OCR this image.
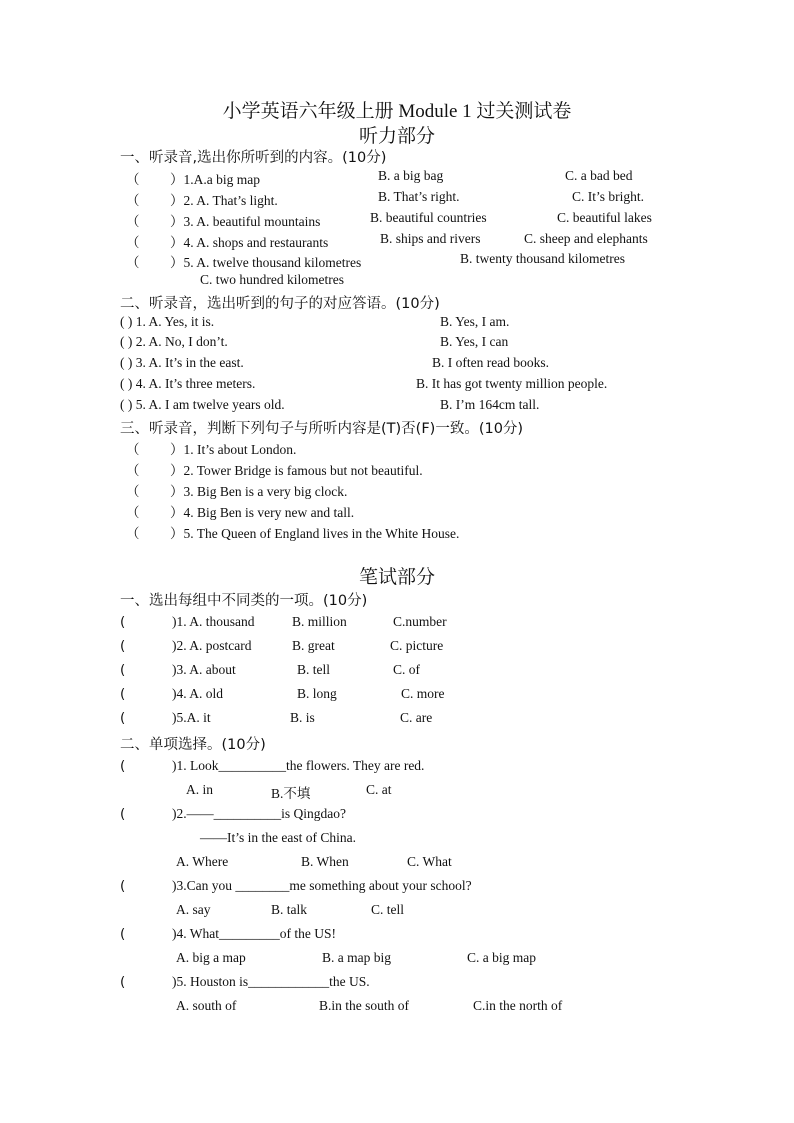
小学英语六年级上册 Module 1 过关测试卷
听力部分
一、听录音,选出你所听到的内容。(10分)
（ ）1.A.a big map	B. a big bag	C. a bad bed
（ ）2. A. That’s light.	B. That’s right.	C. It’s bright.
（ ）3. A. beautiful mountains	B. beautiful countries	C. beautiful lakes
（ ）4. A. shops and restaurants	B. ships and rivers	C. sheep and elephants
（ ）5. A. twelve thousand kilometres	B. twenty thousand kilometres
C. two hundred kilometres
二、听录音，选出听到的句子的对应答语。(10分)
( ) 1. A. Yes, it is.	B. Yes, I am.
( ) 2. A. No, I don’t.	B. Yes, I can
( ) 3. A. It’s in the east.	B. I often read books.
( ) 4. A. It’s three meters.	B. It has got twenty million people.
( ) 5. A. I am twelve years old.	B. I’m 164cm tall.
三、听录音，判断下列句子与所听内容是(T)否(F)一致。(10分)
（ ）1. It’s about London.
（ ）2. Tower Bridge is famous but not beautiful.
（ ）3. Big Ben is a very big clock.
（ ）4. Big Ben is very new and tall.
（ ）5. The Queen of England lives in the White House.
笔试部分
一、选出每组中不同类的一项。(10分)
(	)1. A. thousand	B. million	C.number
(	)2. A. postcard	B. great	C. picture
(	)3. A. about	B. tell	C. of
(	)4. A. old	B. long	C. more
(	)5.A. it	B. is	C. are
二、单项选择。(10分)
(	)1. Look__________the flowers. They are red.
A. in	B.不填	C. at
(	)2.——__________is Qingdao?
——It’s in the east of China.
A. Where	B. When	C. What
(	)3.Can you ________me something about your school?
A. say	B. talk	C. tell
(	)4. What_________of the US!
A. big a map	B. a map big	C. a big map
(	)5. Houston is____________the US.
A. south of	B.in the south of	C.in the north of
